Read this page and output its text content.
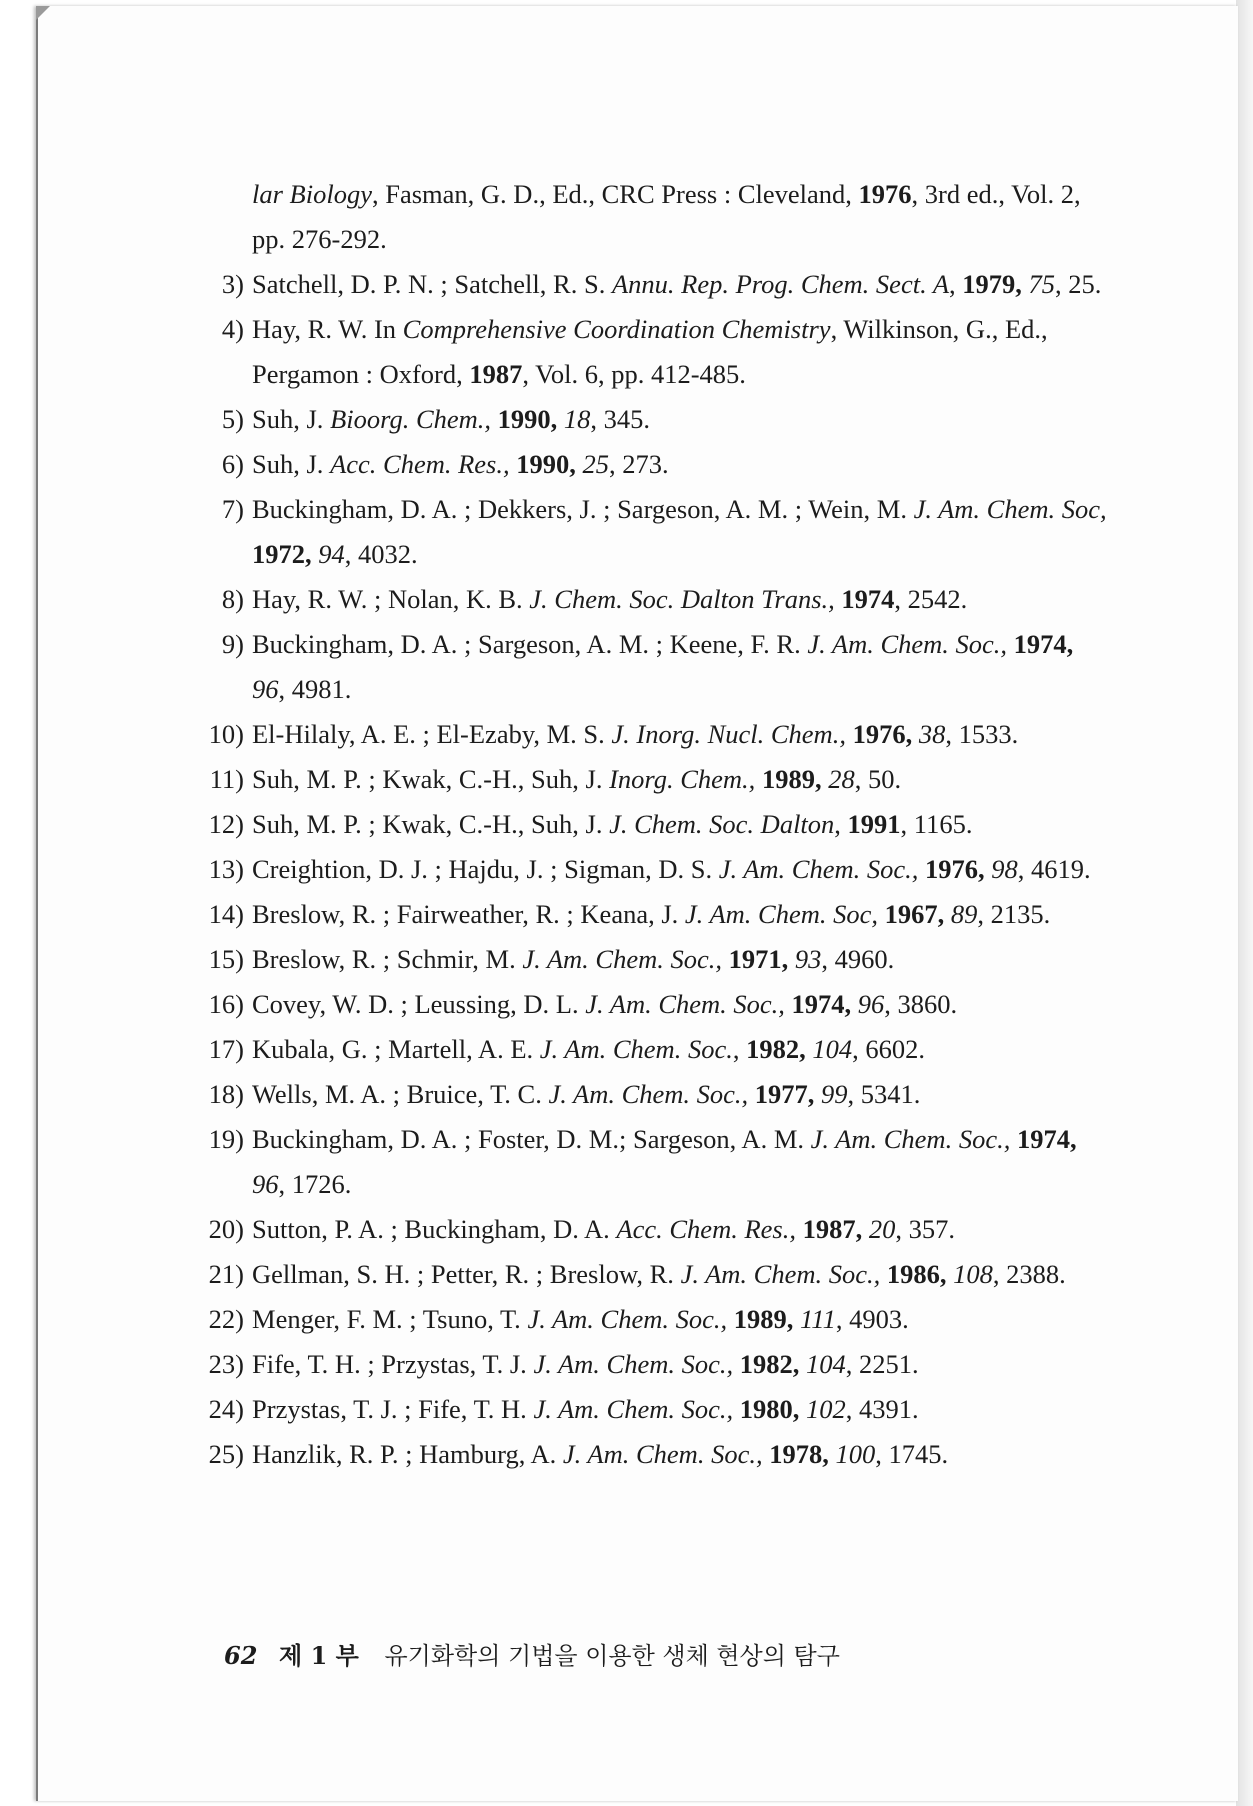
lar Biology, Fasman, G. D., Ed., CRC Press : Cleveland, 1976, 3rd ed., Vol. 2, pp. 276-292.
3) Satchell, D. P. N. ; Satchell, R. S. Annu. Rep. Prog. Chem. Sect. A, 1979, 75, 25.
4) Hay, R. W. In Comprehensive Coordination Chemistry, Wilkinson, G., Ed., Pergamon : Oxford, 1987, Vol. 6, pp. 412-485.
5) Suh, J. Bioorg. Chem., 1990, 18, 345.
6) Suh, J. Acc. Chem. Res., 1990, 25, 273.
7) Buckingham, D. A. ; Dekkers, J. ; Sargeson, A. M. ; Wein, M. J. Am. Chem. Soc, 1972, 94, 4032.
8) Hay, R. W. ; Nolan, K. B. J. Chem. Soc. Dalton Trans., 1974, 2542.
9) Buckingham, D. A. ; Sargeson, A. M. ; Keene, F. R. J. Am. Chem. Soc., 1974, 96, 4981.
10) El-Hilaly, A. E. ; El-Ezaby, M. S. J. Inorg. Nucl. Chem., 1976, 38, 1533.
11) Suh, M. P. ; Kwak, C.-H., Suh, J. Inorg. Chem., 1989, 28, 50.
12) Suh, M. P. ; Kwak, C.-H., Suh, J. J. Chem. Soc. Dalton, 1991, 1165.
13) Creightion, D. J. ; Hajdu, J. ; Sigman, D. S. J. Am. Chem. Soc., 1976, 98, 4619.
14) Breslow, R. ; Fairweather, R. ; Keana, J. J. Am. Chem. Soc, 1967, 89, 2135.
15) Breslow, R. ; Schmir, M. J. Am. Chem. Soc., 1971, 93, 4960.
16) Covey, W. D. ; Leussing, D. L. J. Am. Chem. Soc., 1974, 96, 3860.
17) Kubala, G. ; Martell, A. E. J. Am. Chem. Soc., 1982, 104, 6602.
18) Wells, M. A. ; Bruice, T. C. J. Am. Chem. Soc., 1977, 99, 5341.
19) Buckingham, D. A. ; Foster, D. M.; Sargeson, A. M. J. Am. Chem. Soc., 1974, 96, 1726.
20) Sutton, P. A. ; Buckingham, D. A. Acc. Chem. Res., 1987, 20, 357.
21) Gellman, S. H. ; Petter, R. ; Breslow, R. J. Am. Chem. Soc., 1986, 108, 2388.
22) Menger, F. M. ; Tsuno, T. J. Am. Chem. Soc., 1989, 111, 4903.
23) Fife, T. H. ; Przystas, T. J. J. Am. Chem. Soc., 1982, 104, 2251.
24) Przystas, T. J. ; Fife, T. H. J. Am. Chem. Soc., 1980, 102, 4391.
25) Hanzlik, R. P. ; Hamburg, A. J. Am. Chem. Soc., 1978, 100, 1745.
62 제 1 부 유기화학의 기법을 이용한 생체 현상의 탐구
